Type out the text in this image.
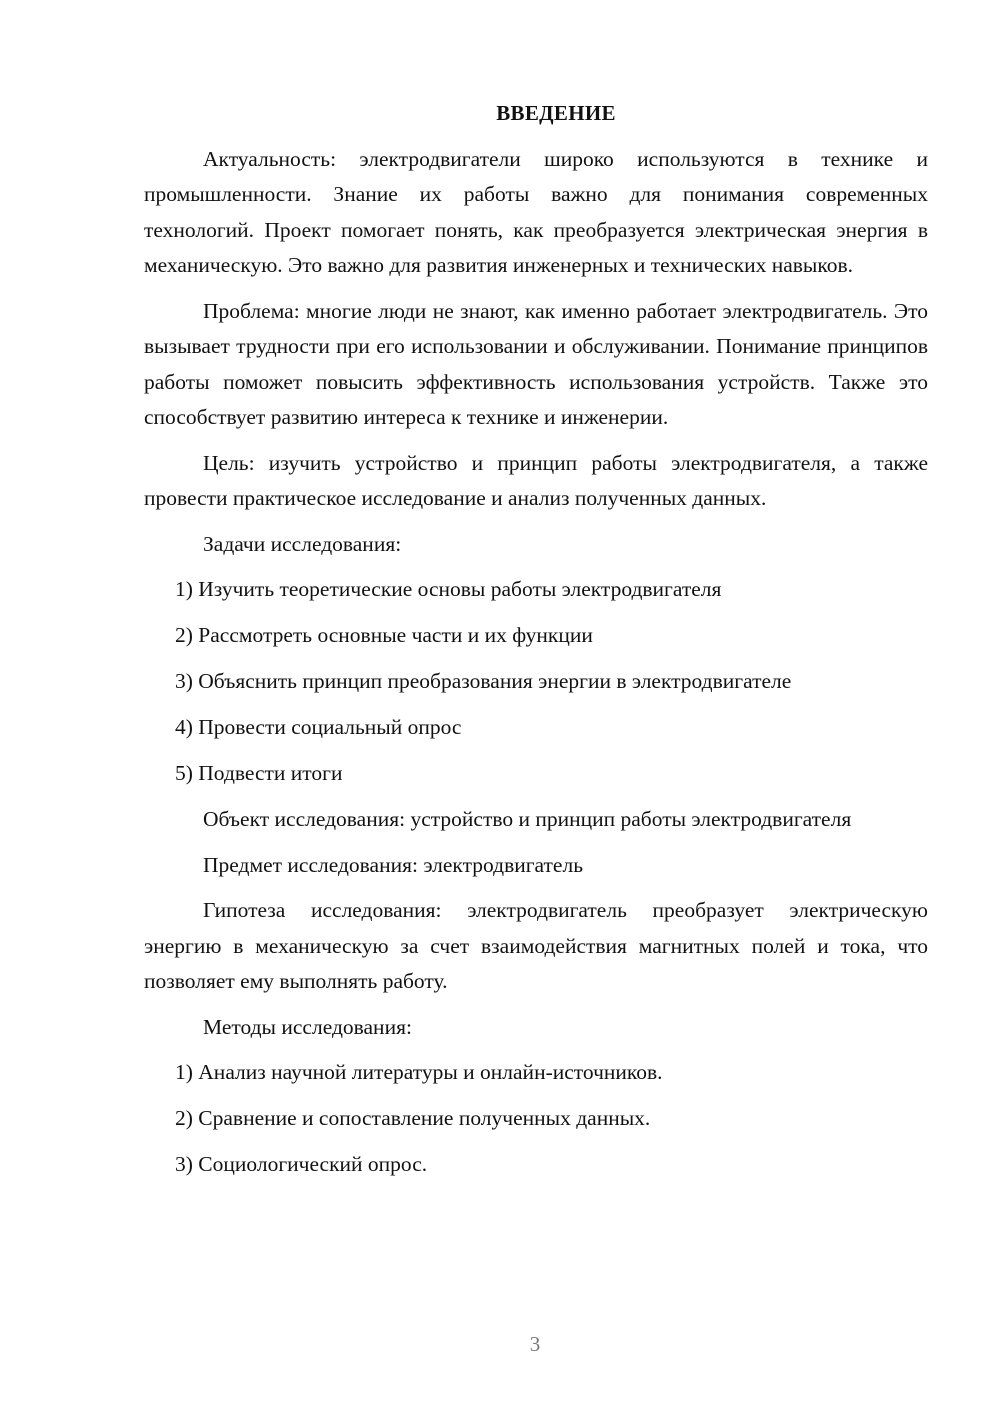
ВВЕДЕНИЕ

Актуальность: электродвигатели широко используются в технике и промышленности. Знание их работы важно для понимания современных технологий. Проект помогает понять, как преобразуется электрическая энергия в механическую. Это важно для развития инженерных и технических навыков.

Проблема: многие люди не знают, как именно работает электродвигатель. Это вызывает трудности при его использовании и обслуживании. Понимание принципов работы поможет повысить эффективность использования устройств. Также это способствует развитию интереса к технике и инженерии.

Цель: изучить устройство и принцип работы электродвигателя, а также провести практическое исследование и анализ полученных данных.

Задачи исследования:

1) Изучить теоретические основы работы электродвигателя
2) Рассмотреть основные части и их функции
3) Объяснить принцип преобразования энергии в электродвигателе
4) Провести социальный опрос
5) Подвести итоги

Объект исследования: устройство и принцип работы электродвигателя

Предмет исследования: электродвигатель

Гипотеза исследования: электродвигатель преобразует электрическую энергию в механическую за счет взаимодействия магнитных полей и тока, что позволяет ему выполнять работу.

Методы исследования:

1) Анализ научной литературы и онлайн-источников.
2) Сравнение и сопоставление полученных данных.
3) Социологический опрос.
3
